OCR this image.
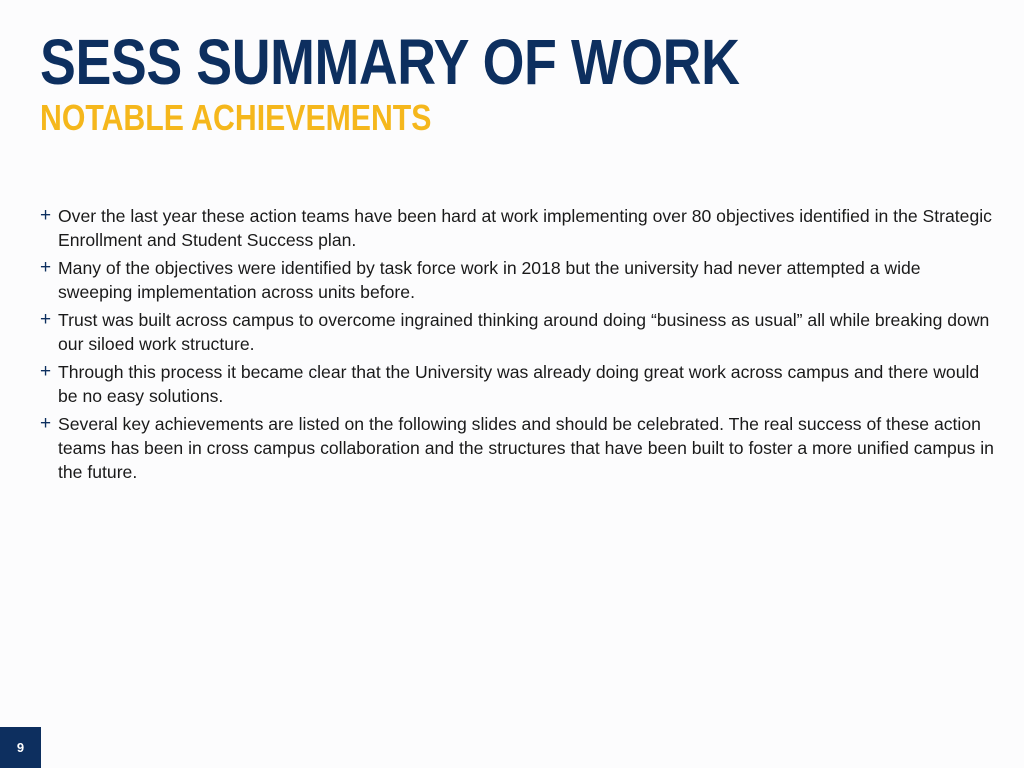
SESS SUMMARY OF WORK
NOTABLE ACHIEVEMENTS
+ Over the last year these action teams have been hard at work implementing over 80 objectives identified in the Strategic Enrollment and Student Success plan.
+ Many of the objectives were identified by task force work in 2018 but the university had never attempted a wide sweeping implementation across units before.
+ Trust was built across campus to overcome ingrained thinking around doing “business as usual” all while breaking down our siloed work structure.
+ Through this process it became clear that the University was already doing great work across campus and there would be no easy solutions.
+ Several key achievements are listed on the following slides and should be celebrated. The real success of these action teams has been in cross campus collaboration and the structures that have been built to foster a more unified campus in the future.
9
